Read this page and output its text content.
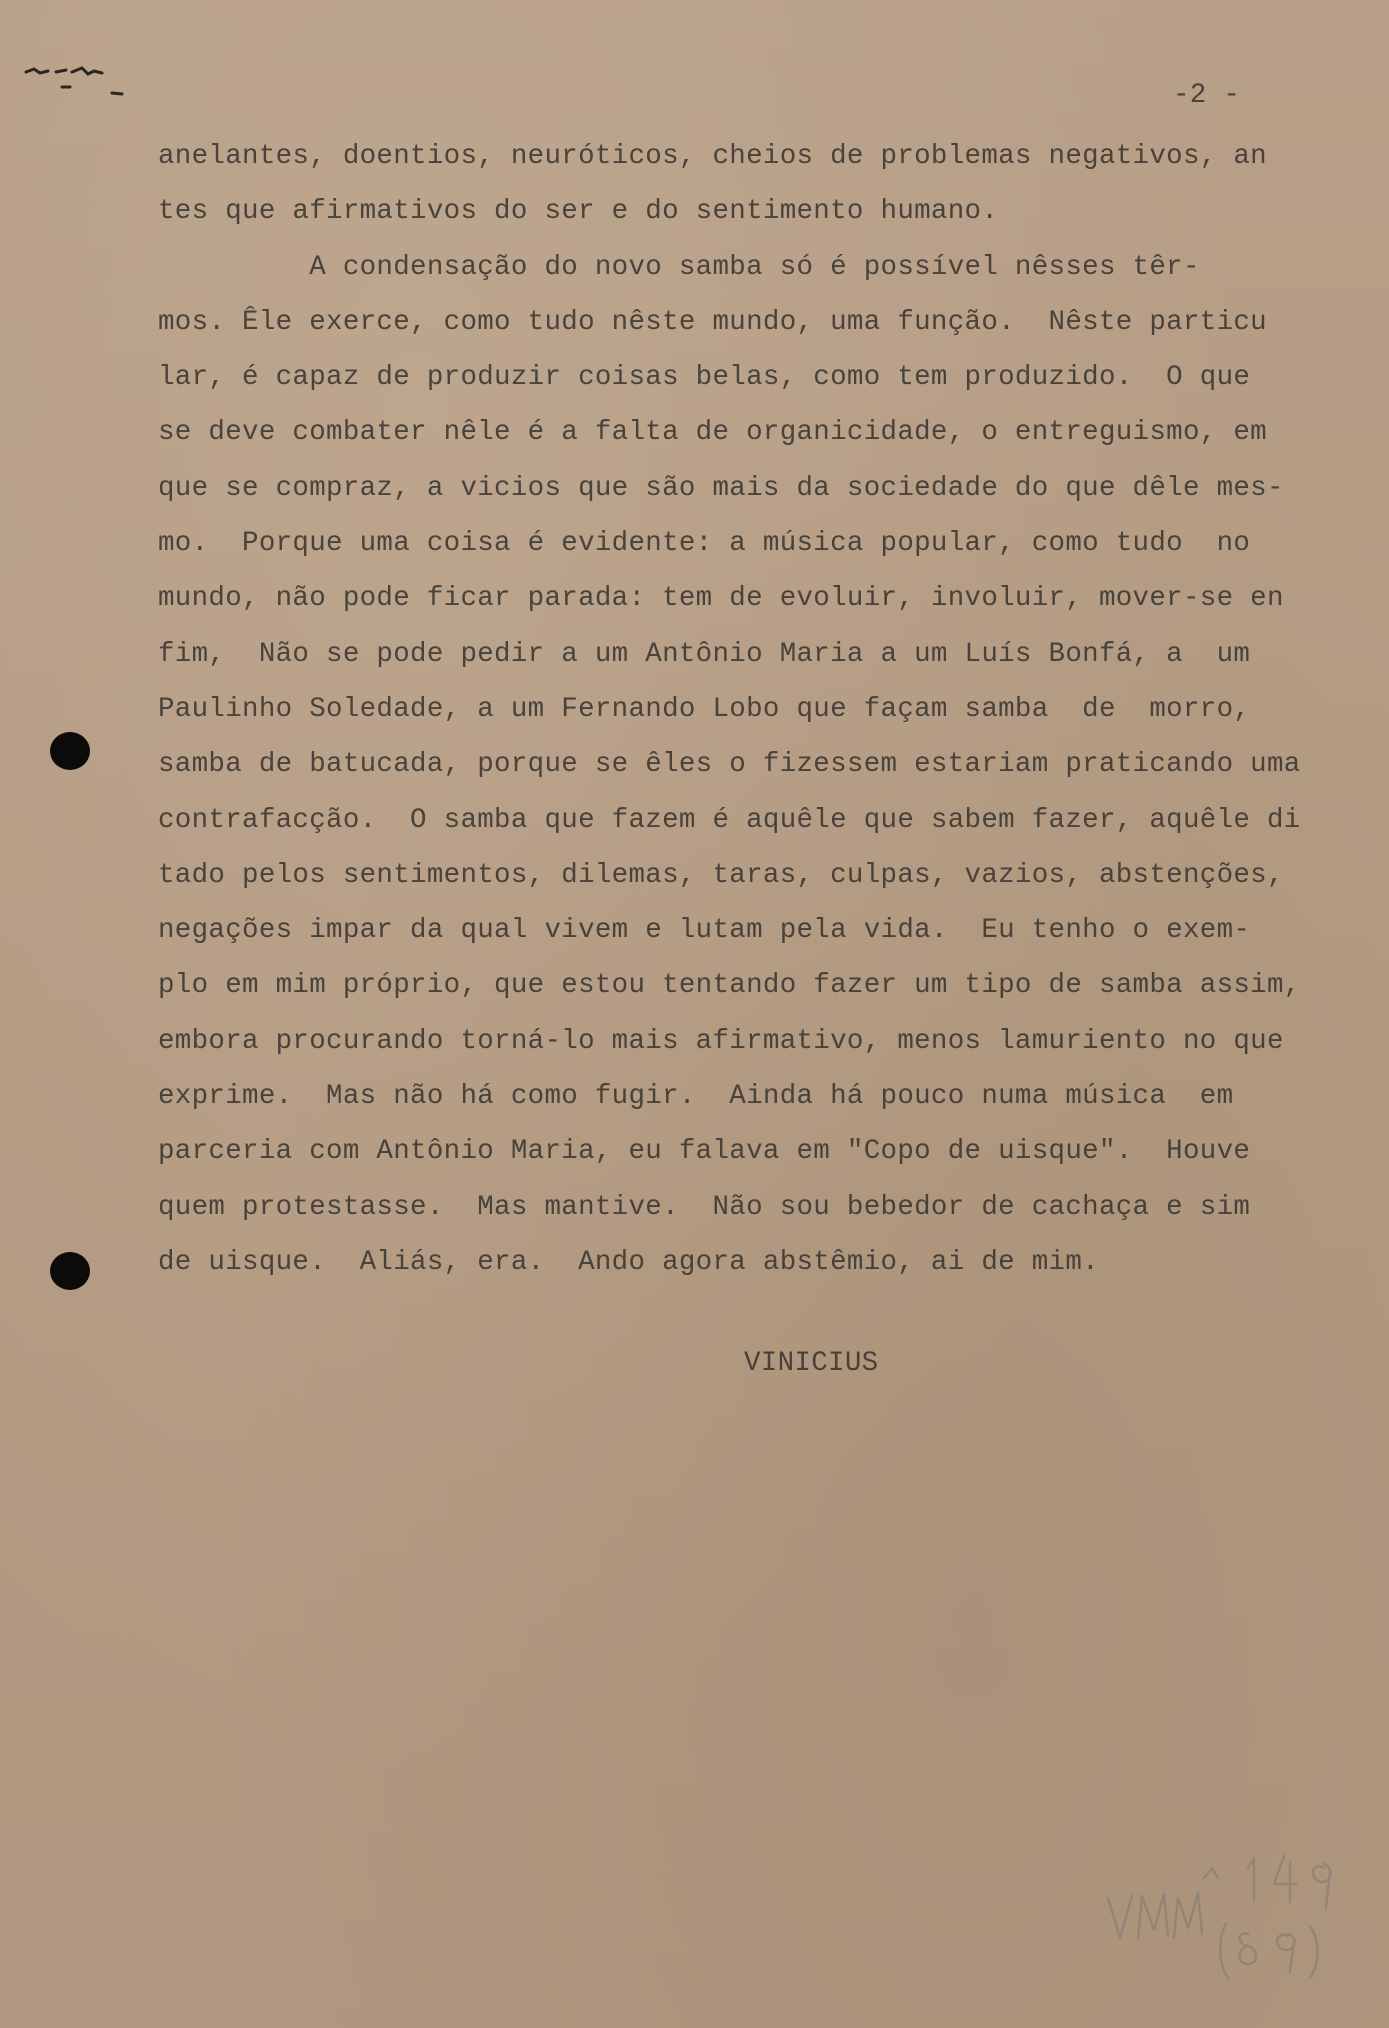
-2 -
anelantes, doentios, neuróticos, cheios de problemas negativos, an
tes que afirmativos do ser e do sentimento humano.
A condensação do novo samba só é possível nêsses têr-
mos. Êle exerce, como tudo nêste mundo, uma função.  Nêste particu
lar, é capaz de produzir coisas belas, como tem produzido.  O que
se deve combater nêle é a falta de organicidade, o entreguismo, em
que se compraz, a vicios que são mais da sociedade do que dêle mes-
mo.  Porque uma coisa é evidente: a música popular, como tudo  no
mundo, não pode ficar parada: tem de evoluir, involuir, mover-se en
fim,  Não se pode pedir a um Antônio Maria a um Luís Bonfá, a  um
Paulinho Soledade, a um Fernando Lobo que façam samba  de  morro,
samba de batucada, porque se êles o fizessem estariam praticando uma
contrafacção.  O samba que fazem é aquêle que sabem fazer, aquêle di
tado pelos sentimentos, dilemas, taras, culpas, vazios, abstenções,
negações impar da qual vivem e lutam pela vida.  Eu tenho o exem-
plo em mim próprio, que estou tentando fazer um tipo de samba assim,
embora procurando torná-lo mais afirmativo, menos lamuriento no que
exprime.  Mas não há como fugir.  Ainda há pouco numa música  em
parceria com Antônio Maria, eu falava em "Copo de uisque".  Houve
quem protestasse.  Mas mantive.  Não sou bebedor de cachaça e sim
de uisque.  Aliás, era.  Ando agora abstêmio, ai de mim.
VINICIUS
